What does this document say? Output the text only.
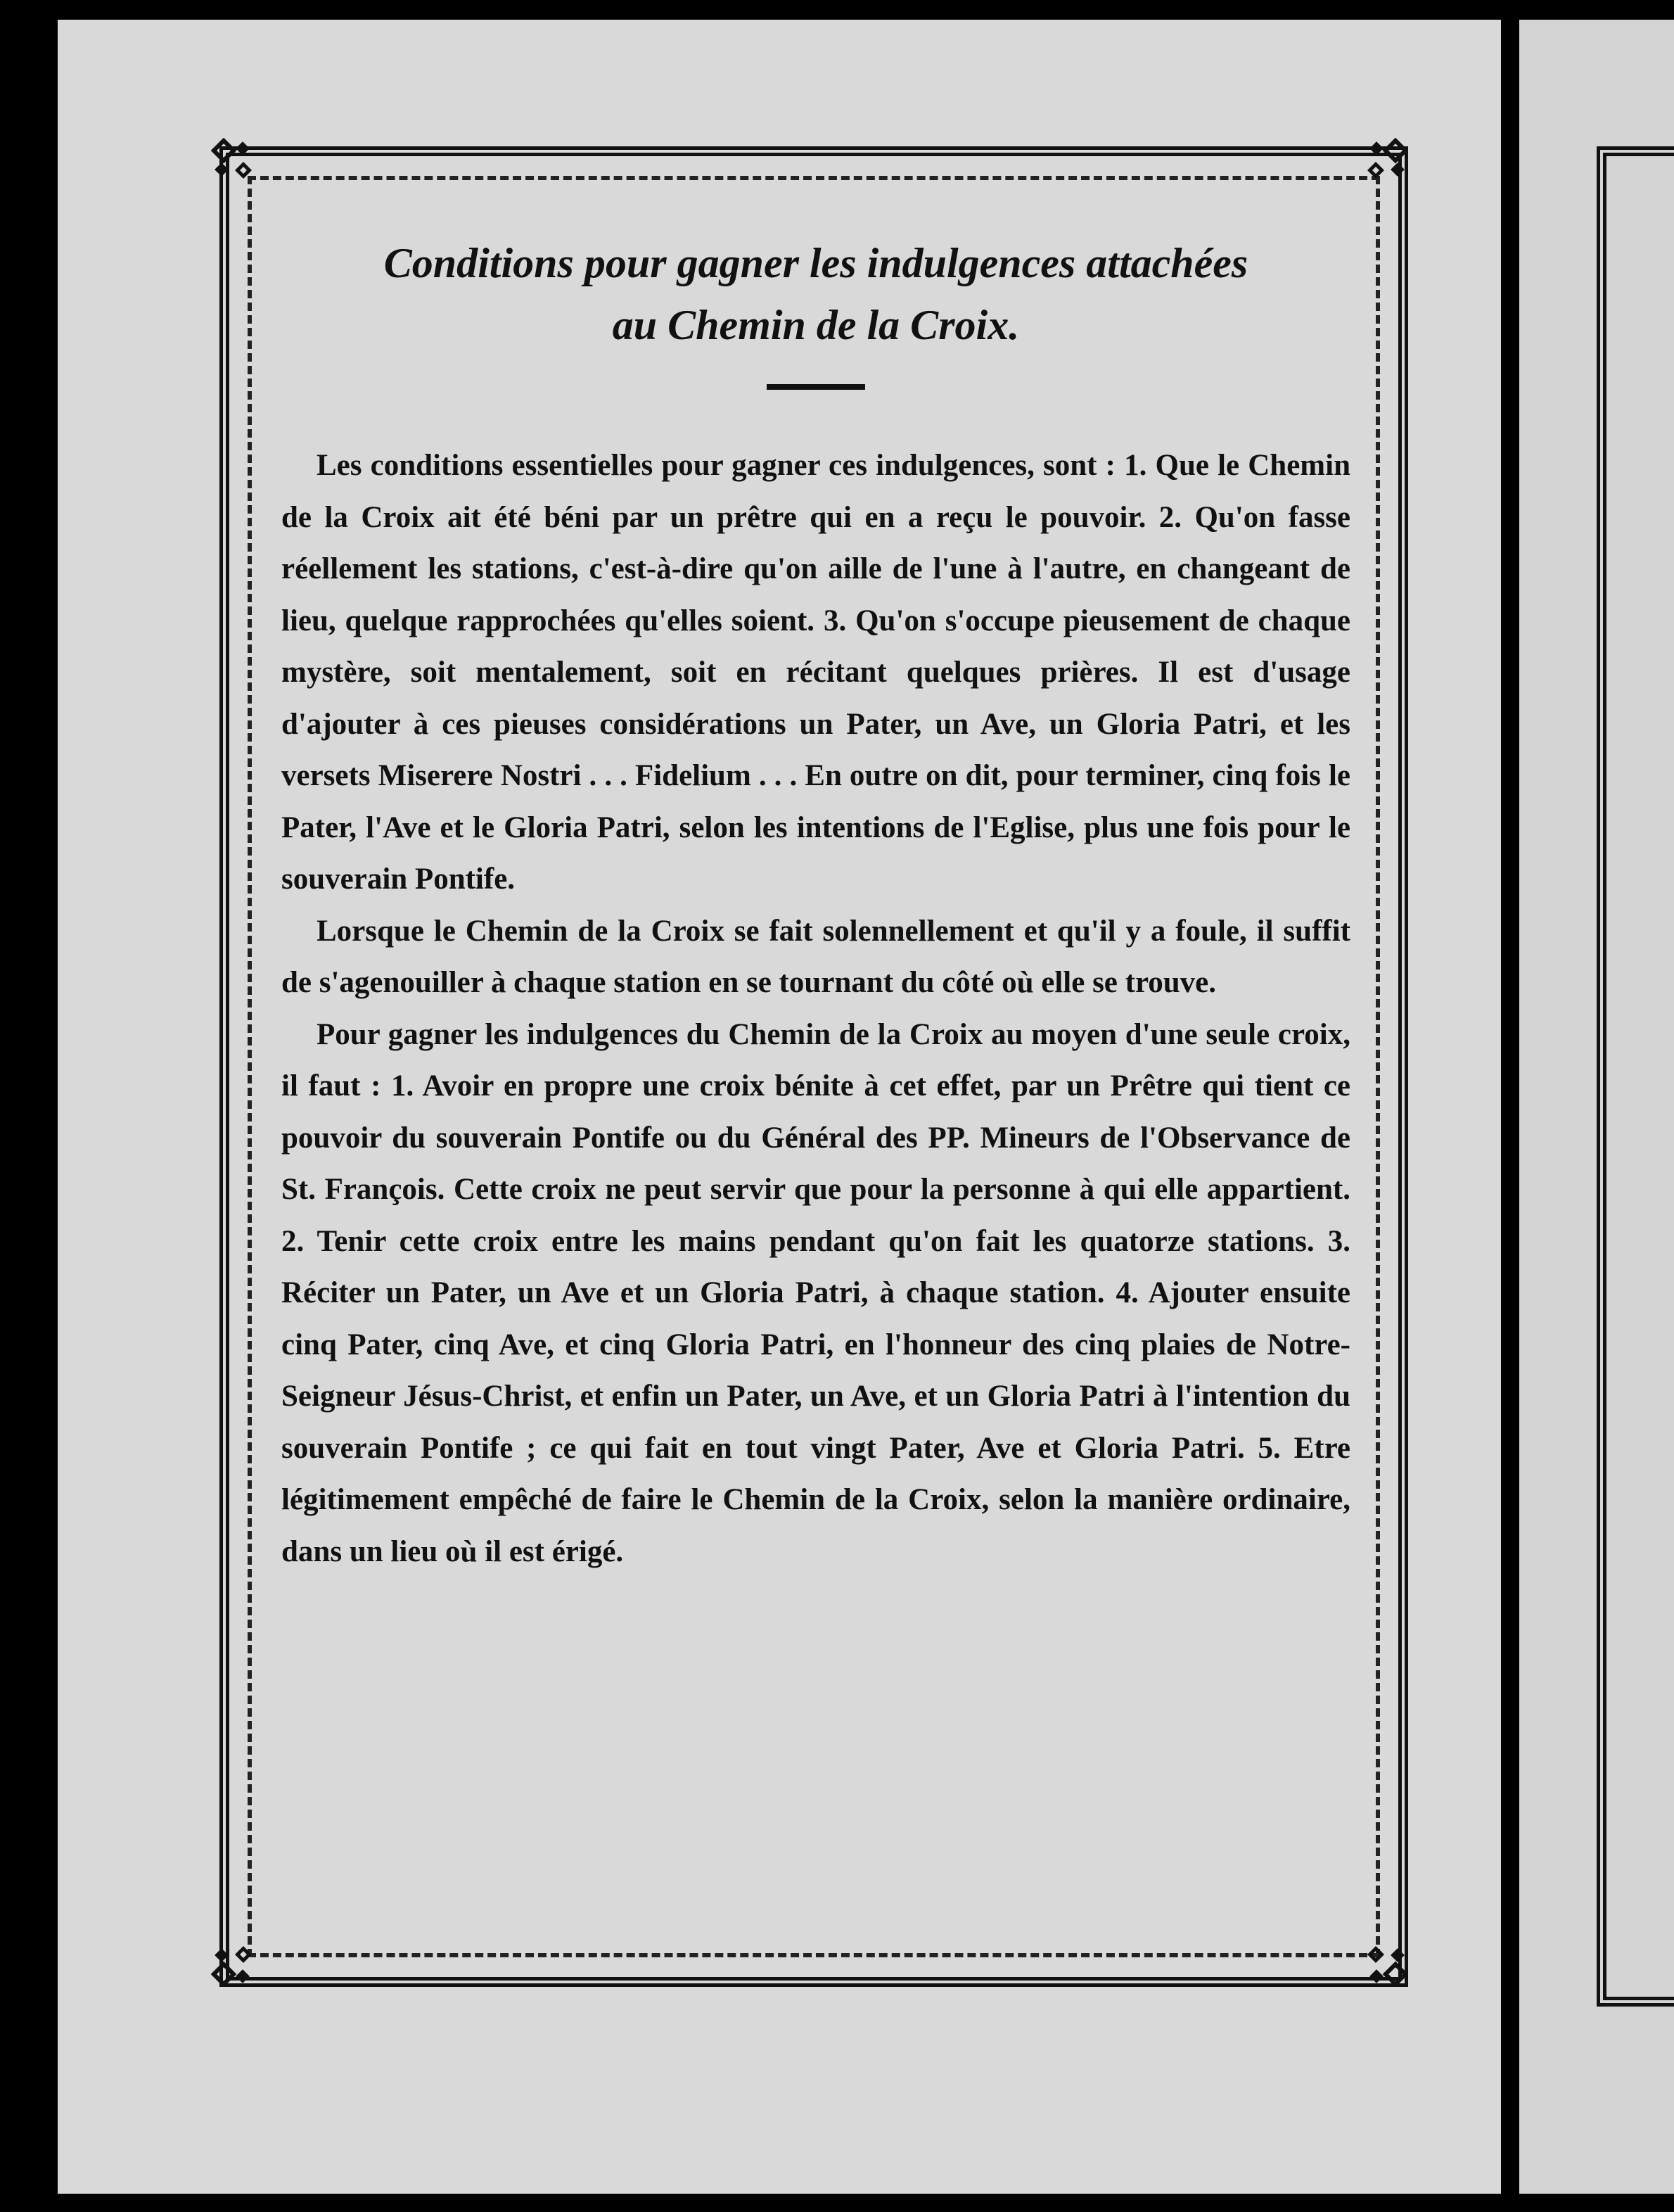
Conditions pour gagner les indulgences attachées
au Chemin de la Croix.

Les conditions essentielles pour gagner ces indulgences, sont : 1. Que le Chemin de la Croix ait été béni par un prêtre qui en a reçu le pouvoir. 2. Qu'on fasse réellement les stations, c'est-à-dire qu'on aille de l'une à l'autre, en changeant de lieu, quelque rapprochées qu'elles soient. 3. Qu'on s'occupe pieusement de chaque mystère, soit mentalement, soit en récitant quelques prières. Il est d'usage d'ajouter à ces pieuses considérations un Pater, un Ave, un Gloria Patri, et les versets Miserere Nostri . . . Fidelium . . . En outre on dit, pour terminer, cinq fois le Pater, l'Ave et le Gloria Patri, selon les intentions de l'Eglise, plus une fois pour le souverain Pontife.

Lorsque le Chemin de la Croix se fait solennellement et qu'il y a foule, il suffit de s'agenouiller à chaque station en se tournant du côté où elle se trouve.

Pour gagner les indulgences du Chemin de la Croix au moyen d'une seule croix, il faut : 1. Avoir en propre une croix bénite à cet effet, par un Prêtre qui tient ce pouvoir du souverain Pontife ou du Général des PP. Mineurs de l'Observance de St. François. Cette croix ne peut servir que pour la personne à qui elle appartient. 2. Tenir cette croix entre les mains pendant qu'on fait les quatorze stations. 3. Réciter un Pater, un Ave et un Gloria Patri, à chaque station. 4. Ajouter ensuite cinq Pater, cinq Ave, et cinq Gloria Patri, en l'honneur des cinq plaies de Notre-Seigneur Jésus-Christ, et enfin un Pater, un Ave, et un Gloria Patri à l'intention du souverain Pontife ; ce qui fait en tout vingt Pater, Ave et Gloria Patri. 5. Etre légitimement empêché de faire le Chemin de la Croix, selon la manière ordinaire, dans un lieu où il est érigé.
